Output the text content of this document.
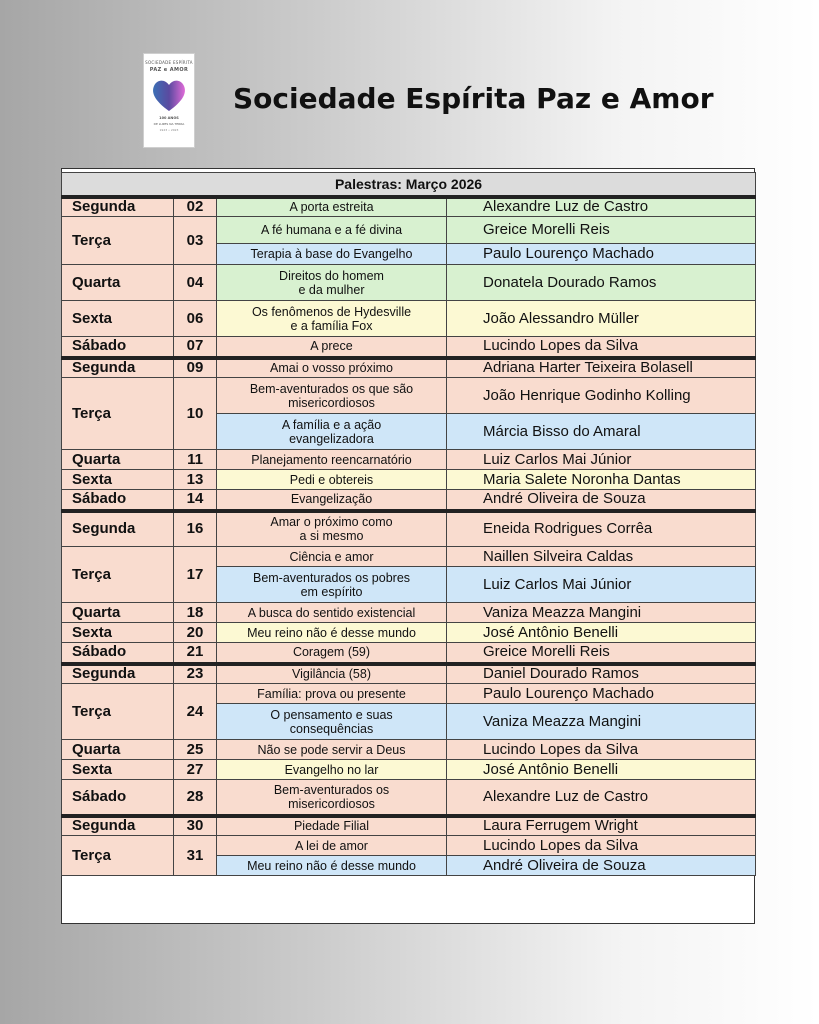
SOCIEDADE ESPÍRITA
PAZ e AMOR
100 ANOS
DE LUZES NA TERRA
1923 • 2023
Sociedade Espírita Paz e Amor
Palestras: Março 2026			
Segunda	02	A porta estreita	Alexandre Luz de Castro
Terça	03	A fé humana e a fé divina	Greice Morelli Reis
		Terapia à base do Evangelho	Paulo Lourenço Machado
Quarta	04	Direitos do homem
e da mulher	Donatela Dourado Ramos
Sexta	06	Os fenômenos de Hydesville
e a família Fox	João Alessandro Müller
Sábado	07	A prece	Lucindo Lopes da Silva
Segunda	09	Amai o vosso próximo	Adriana Harter Teixeira Bolasell
Terça	10	Bem-aventurados os que são
misericordiosos	João Henrique Godinho Kolling
		A família e a ação
evangelizadora	Márcia Bisso do Amaral
Quarta	11	Planejamento reencarnatório	Luiz Carlos Mai Júnior
Sexta	13	Pedi e obtereis	Maria Salete Noronha Dantas
Sábado	14	Evangelização	André Oliveira de Souza
Segunda	16	Amar o próximo como
a si mesmo	Eneida Rodrigues Corrêa
Terça	17	Ciência e amor	Naillen Silveira Caldas
		Bem-aventurados os pobres
em espírito	Luiz Carlos Mai Júnior
Quarta	18	A busca do sentido existencial	Vaniza Meazza Mangini
Sexta	20	Meu reino não é desse mundo	José Antônio Benelli
Sábado	21	Coragem (59)	Greice Morelli Reis
Segunda	23	Vigilância (58)	Daniel Dourado Ramos
Terça	24	Família: prova ou presente	Paulo Lourenço Machado
		O pensamento e suas
consequências	Vaniza Meazza Mangini
Quarta	25	Não se pode servir a Deus	Lucindo Lopes da Silva
Sexta	27	Evangelho no lar	José Antônio Benelli
Sábado	28	Bem-aventurados os
misericordiosos	Alexandre Luz de Castro
Segunda	30	Piedade Filial	Laura Ferrugem Wright
Terça	31	A lei de amor	Lucindo Lopes da Silva
		Meu reino não é desse mundo	André Oliveira de Souza
